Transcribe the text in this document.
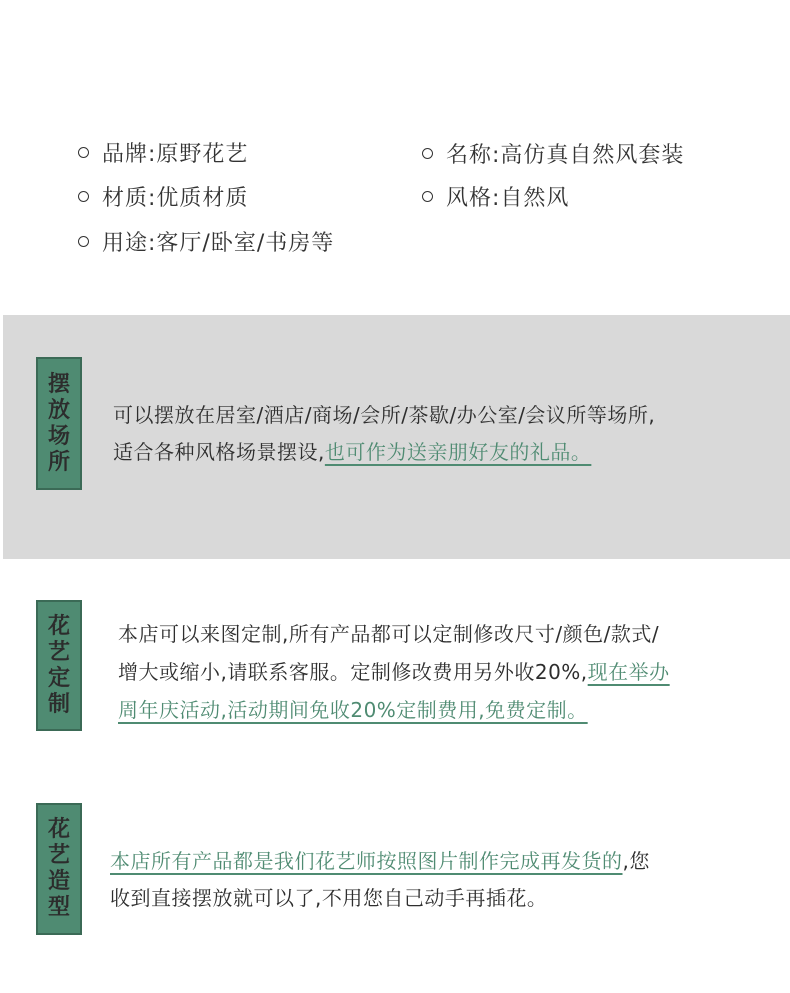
品牌:原野花艺	名称:高仿真自然风套装
材质:优质材质	风格:自然风
用途:客厅/卧室/书房等
摆放场所
可以摆放在居室/酒店/商场/会所/茶歇/办公室/会议所等场所,
适合各种风格场景摆设,也可作为送亲朋好友的礼品。
花艺定制
本店可以来图定制,所有产品都可以定制修改尺寸/颜色/款式/
增大或缩小,请联系客服。定制修改费用另外收20%,现在举办
周年庆活动,活动期间免收20%定制费用,免费定制。
花艺造型
本店所有产品都是我们花艺师按照图片制作完成再发货的,您
收到直接摆放就可以了,不用您自己动手再插花。
